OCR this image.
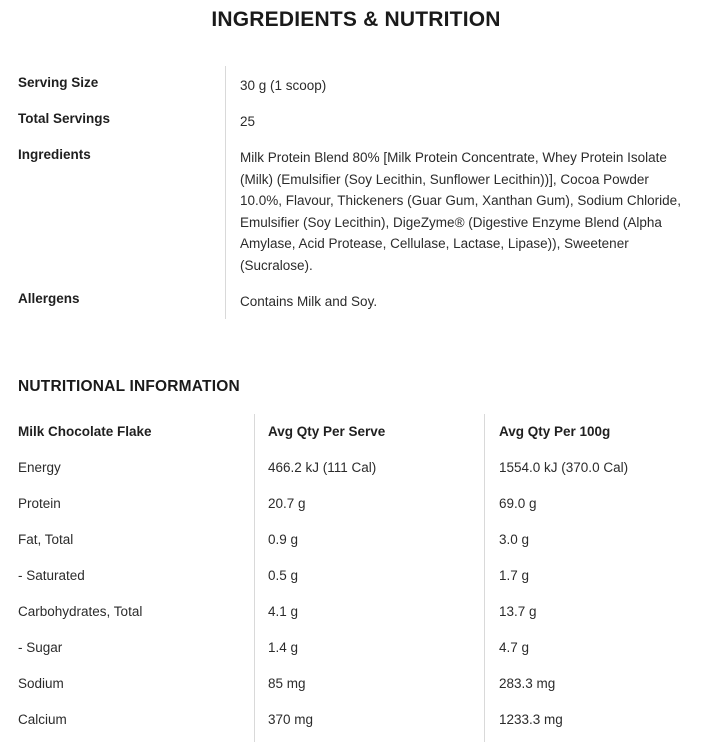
INGREDIENTS & NUTRITION
Serving Size	30 g (1 scoop)
Total Servings	25
Ingredients	Milk Protein Blend 80% [Milk Protein Concentrate, Whey Protein Isolate (Milk) (Emulsifier (Soy Lecithin, Sunflower Lecithin))], Cocoa Powder 10.0%, Flavour, Thickeners (Guar Gum, Xanthan Gum), Sodium Chloride, Emulsifier (Soy Lecithin), DigeZyme® (Digestive Enzyme Blend (Alpha Amylase, Acid Protease, Cellulase, Lactase, Lipase)), Sweetener (Sucralose).
Allergens	Contains Milk and Soy.
NUTRITIONAL INFORMATION
Milk Chocolate Flake	Avg Qty Per Serve	Avg Qty Per 100g
Energy	466.2 kJ (111 Cal)	1554.0 kJ (370.0 Cal)
Protein	20.7 g	69.0 g
Fat, Total	0.9 g	3.0 g
- Saturated	0.5 g	1.7 g
Carbohydrates, Total	4.1 g	13.7 g
- Sugar	1.4 g	4.7 g
Sodium	85 mg	283.3 mg
Calcium	370 mg	1233.3 mg
